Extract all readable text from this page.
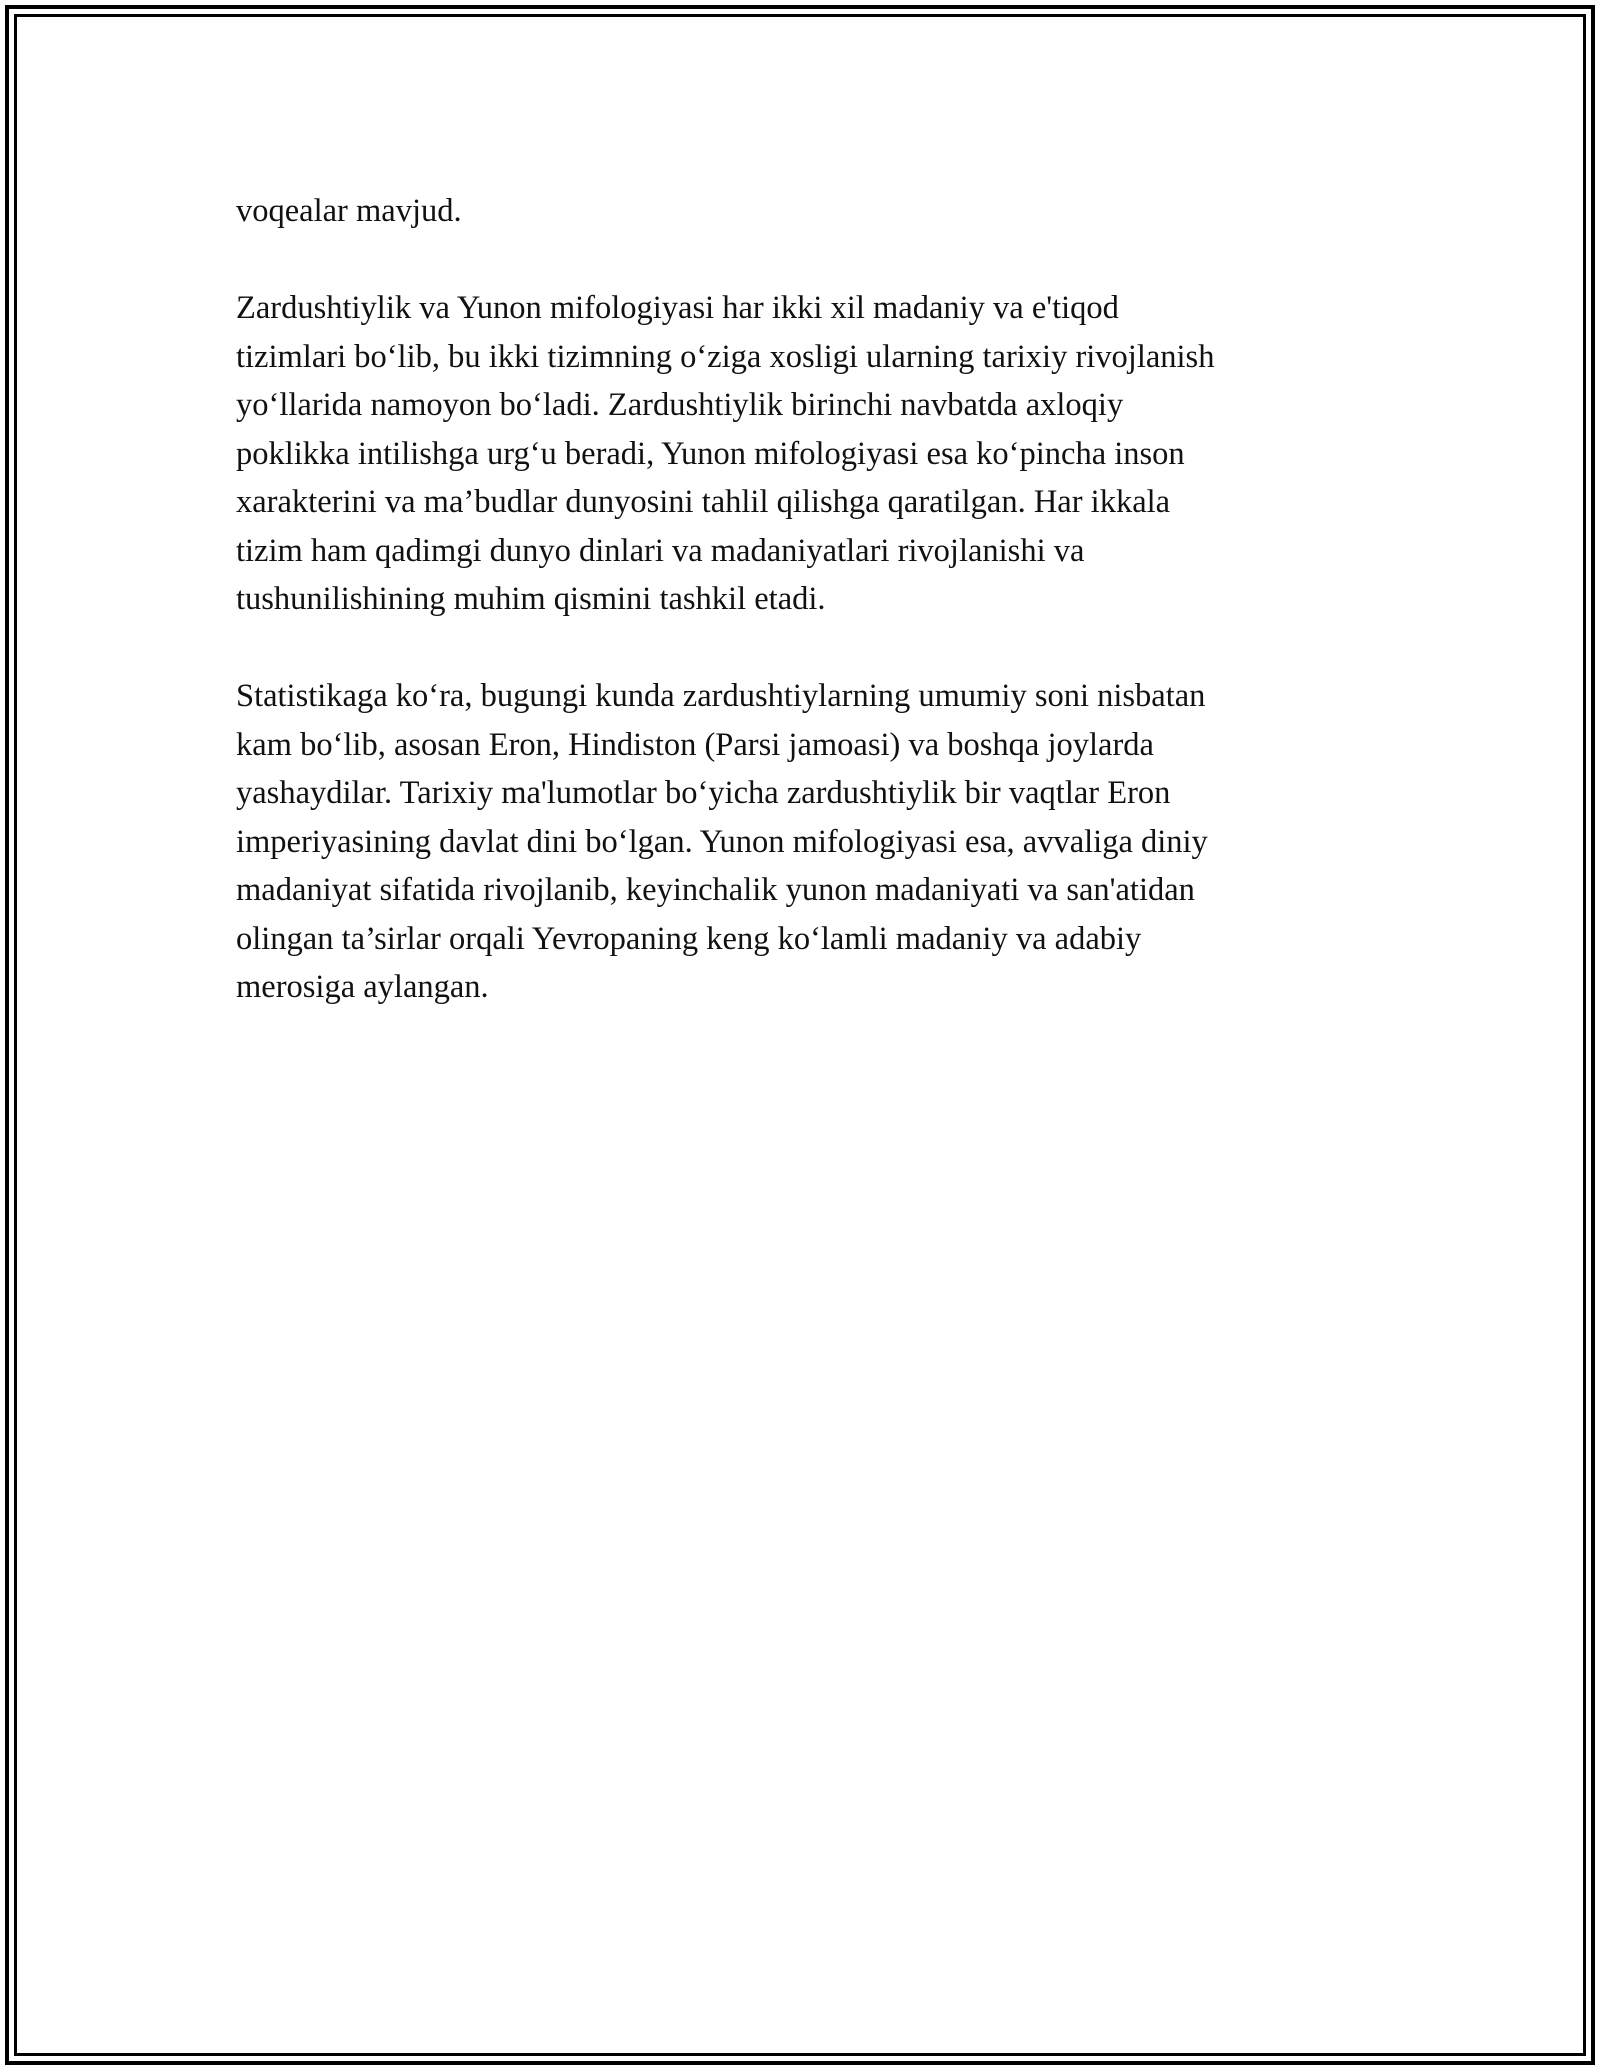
voqealar mavjud.

Zardushtiylik va Yunon mifologiyasi har ikki xil madaniy va e'tiqod
tizimlari bo‘lib, bu ikki tizimning o‘ziga xosligi ularning tarixiy rivojlanish
yo‘llarida namoyon bo‘ladi. Zardushtiylik birinchi navbatda axloqiy
poklikka intilishga urg‘u beradi, Yunon mifologiyasi esa ko‘pincha inson
xarakterini va ma’budlar dunyosini tahlil qilishga qaratilgan. Har ikkala
tizim ham qadimgi dunyo dinlari va madaniyatlari rivojlanishi va
tushunilishining muhim qismini tashkil etadi.

Statistikaga ko‘ra, bugungi kunda zardushtiylarning umumiy soni nisbatan
kam bo‘lib, asosan Eron, Hindiston (Parsi jamoasi) va boshqa joylarda
yashaydilar. Tarixiy ma'lumotlar bo‘yicha zardushtiylik bir vaqtlar Eron
imperiyasining davlat dini bo‘lgan. Yunon mifologiyasi esa, avvaliga diniy
madaniyat sifatida rivojlanib, keyinchalik yunon madaniyati va san'atidan
olingan ta’sirlar orqali Yevropaning keng ko‘lamli madaniy va adabiy
merosiga aylangan.
